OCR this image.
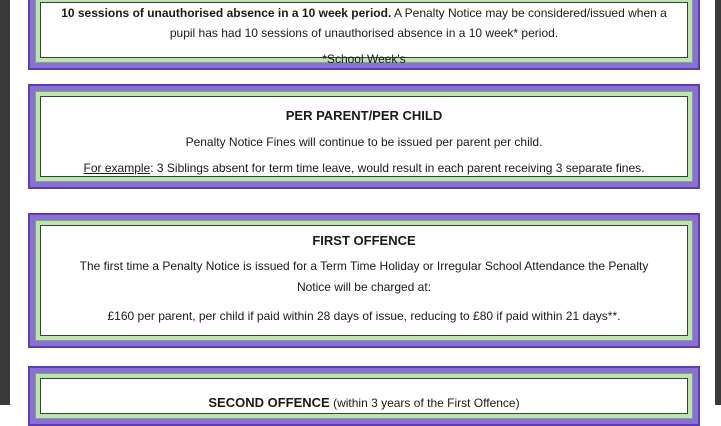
10 sessions of unauthorised absence in a 10 week period. A Penalty Notice may be considered/issued when a
pupil has had 10 sessions of unauthorised absence in a 10 week* period.
*School Week's
PER PARENT/PER CHILD
Penalty Notice Fines will continue to be issued per parent per child.
For example: 3 Siblings absent for term time leave, would result in each parent receiving 3 separate fines.
FIRST OFFENCE
The first time a Penalty Notice is issued for a Term Time Holiday or Irregular School Attendance the Penalty Notice will be charged at:
£160 per parent, per child if paid within 28 days of issue, reducing to £80 if paid within 21 days**.
SECOND OFFENCE (within 3 years of the First Offence)
